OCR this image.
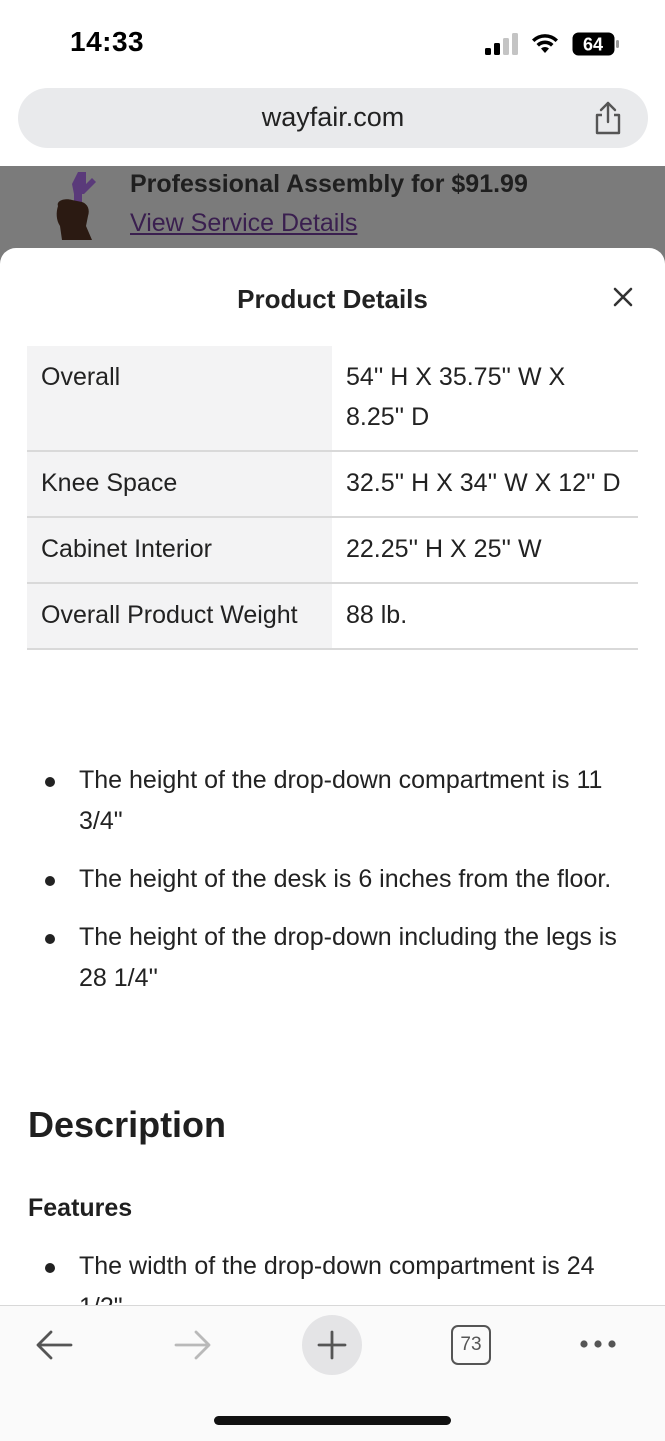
14:33	64
wayfair.com
Professional Assembly for $91.99
View Service Details
Product Details
Overall	54'' H X 35.75'' W X 8.25'' D
Knee Space	32.5'' H X 34'' W X 12'' D
Cabinet Interior	22.25'' H X 25'' W
Overall Product Weight	88 lb.
The height of the drop-down compartment is 11 3/4"
The height of the desk is 6 inches from the floor.
The height of the drop-down including the legs is 28 1/4''
Description
Features
The width of the drop-down compartment is 24
73
